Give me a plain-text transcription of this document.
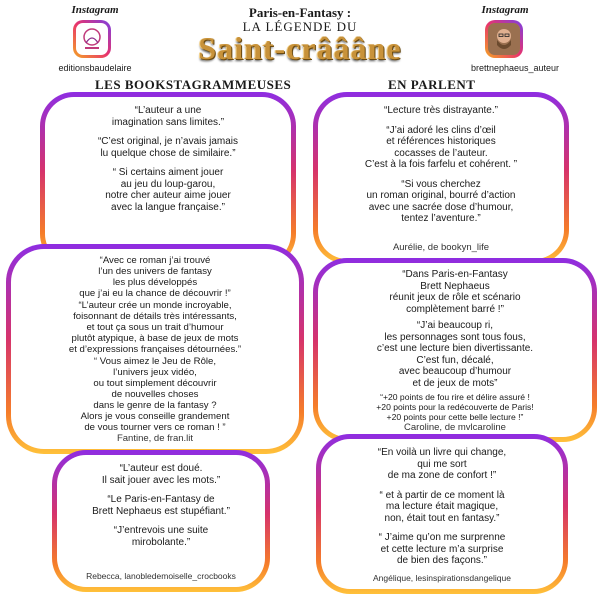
Instagram
editionsbaudelaire
Paris-en-Fantasy :
LA LÉGENDE DU
Saint-crâââne
Instagram
brettnephaeus_auteur
LES BOOKSTAGRAMMEUSES	EN PARLENT

“L’auteur a une
imagination sans limites.”

“C’est original, je n’avais jamais
lu quelque chose de similaire.”

“ Si certains aiment jouer
au jeu du loup-garou,
notre cher auteur aime jouer
avec la langue française.”

“Lecture très distrayante.”

“J’ai adoré les clins d’œil
et références historiques
cocasses de l’auteur.
C’est à la fois farfelu et cohérent. ”

“Si vous cherchez
un roman original, bourré d’action
avec une sacrée dose d’humour,
tentez l’aventure.”

Aurélie, de bookyn_life

“Avec ce roman j’ai trouvé
l’un des univers de fantasy
les plus développés
que j’ai eu la chance de découvrir !”

“L’auteur crée un monde incroyable,
foisonnant de détails très intéressants,
et tout ça sous un trait d’humour
plutôt atypique, à base de jeux de mots
et d’expressions françaises détournées.”

“ Vous aimez le Jeu de Rôle,
l’univers jeux vidéo,
ou tout simplement découvrir
de nouvelles choses
dans le genre de la fantasy ?
Alors je vous conseille grandement
de vous tourner vers ce roman ! ”

Fantine, de fran.lit

“Dans Paris-en-Fantasy
Brett Nephaeus
réunit jeux de rôle et scénario
complètement barré !”

“J’ai beaucoup ri,
les personnages sont tous fous,
c’est une lecture bien divertissante.
C’est fun, décalé,
avec beaucoup d’humour
et de jeux de mots”

“+20 points de fou rire et délire assuré !
+20 points pour la redécouverte de Paris!
+20 points pour cette belle lecture !”

Caroline, de mvlcaroline

“L’auteur est doué.
Il sait jouer avec les mots.”

“Le Paris-en-Fantasy de
Brett Nephaeus est stupéfiant.”

“J’entrevois une suite
mirobolante.”

Rebecca, lanobledemoiselle_crocbooks

“En voilà un livre qui change,
qui me sort
de ma zone de confort !”

“ et à partir de ce moment là
ma lecture était magique,
non, était tout en fantasy.”

“ J’aime qu’on me surprenne
et cette lecture m’a surprise
de bien des façons.”

Angélique, lesinspirationsdangelique
